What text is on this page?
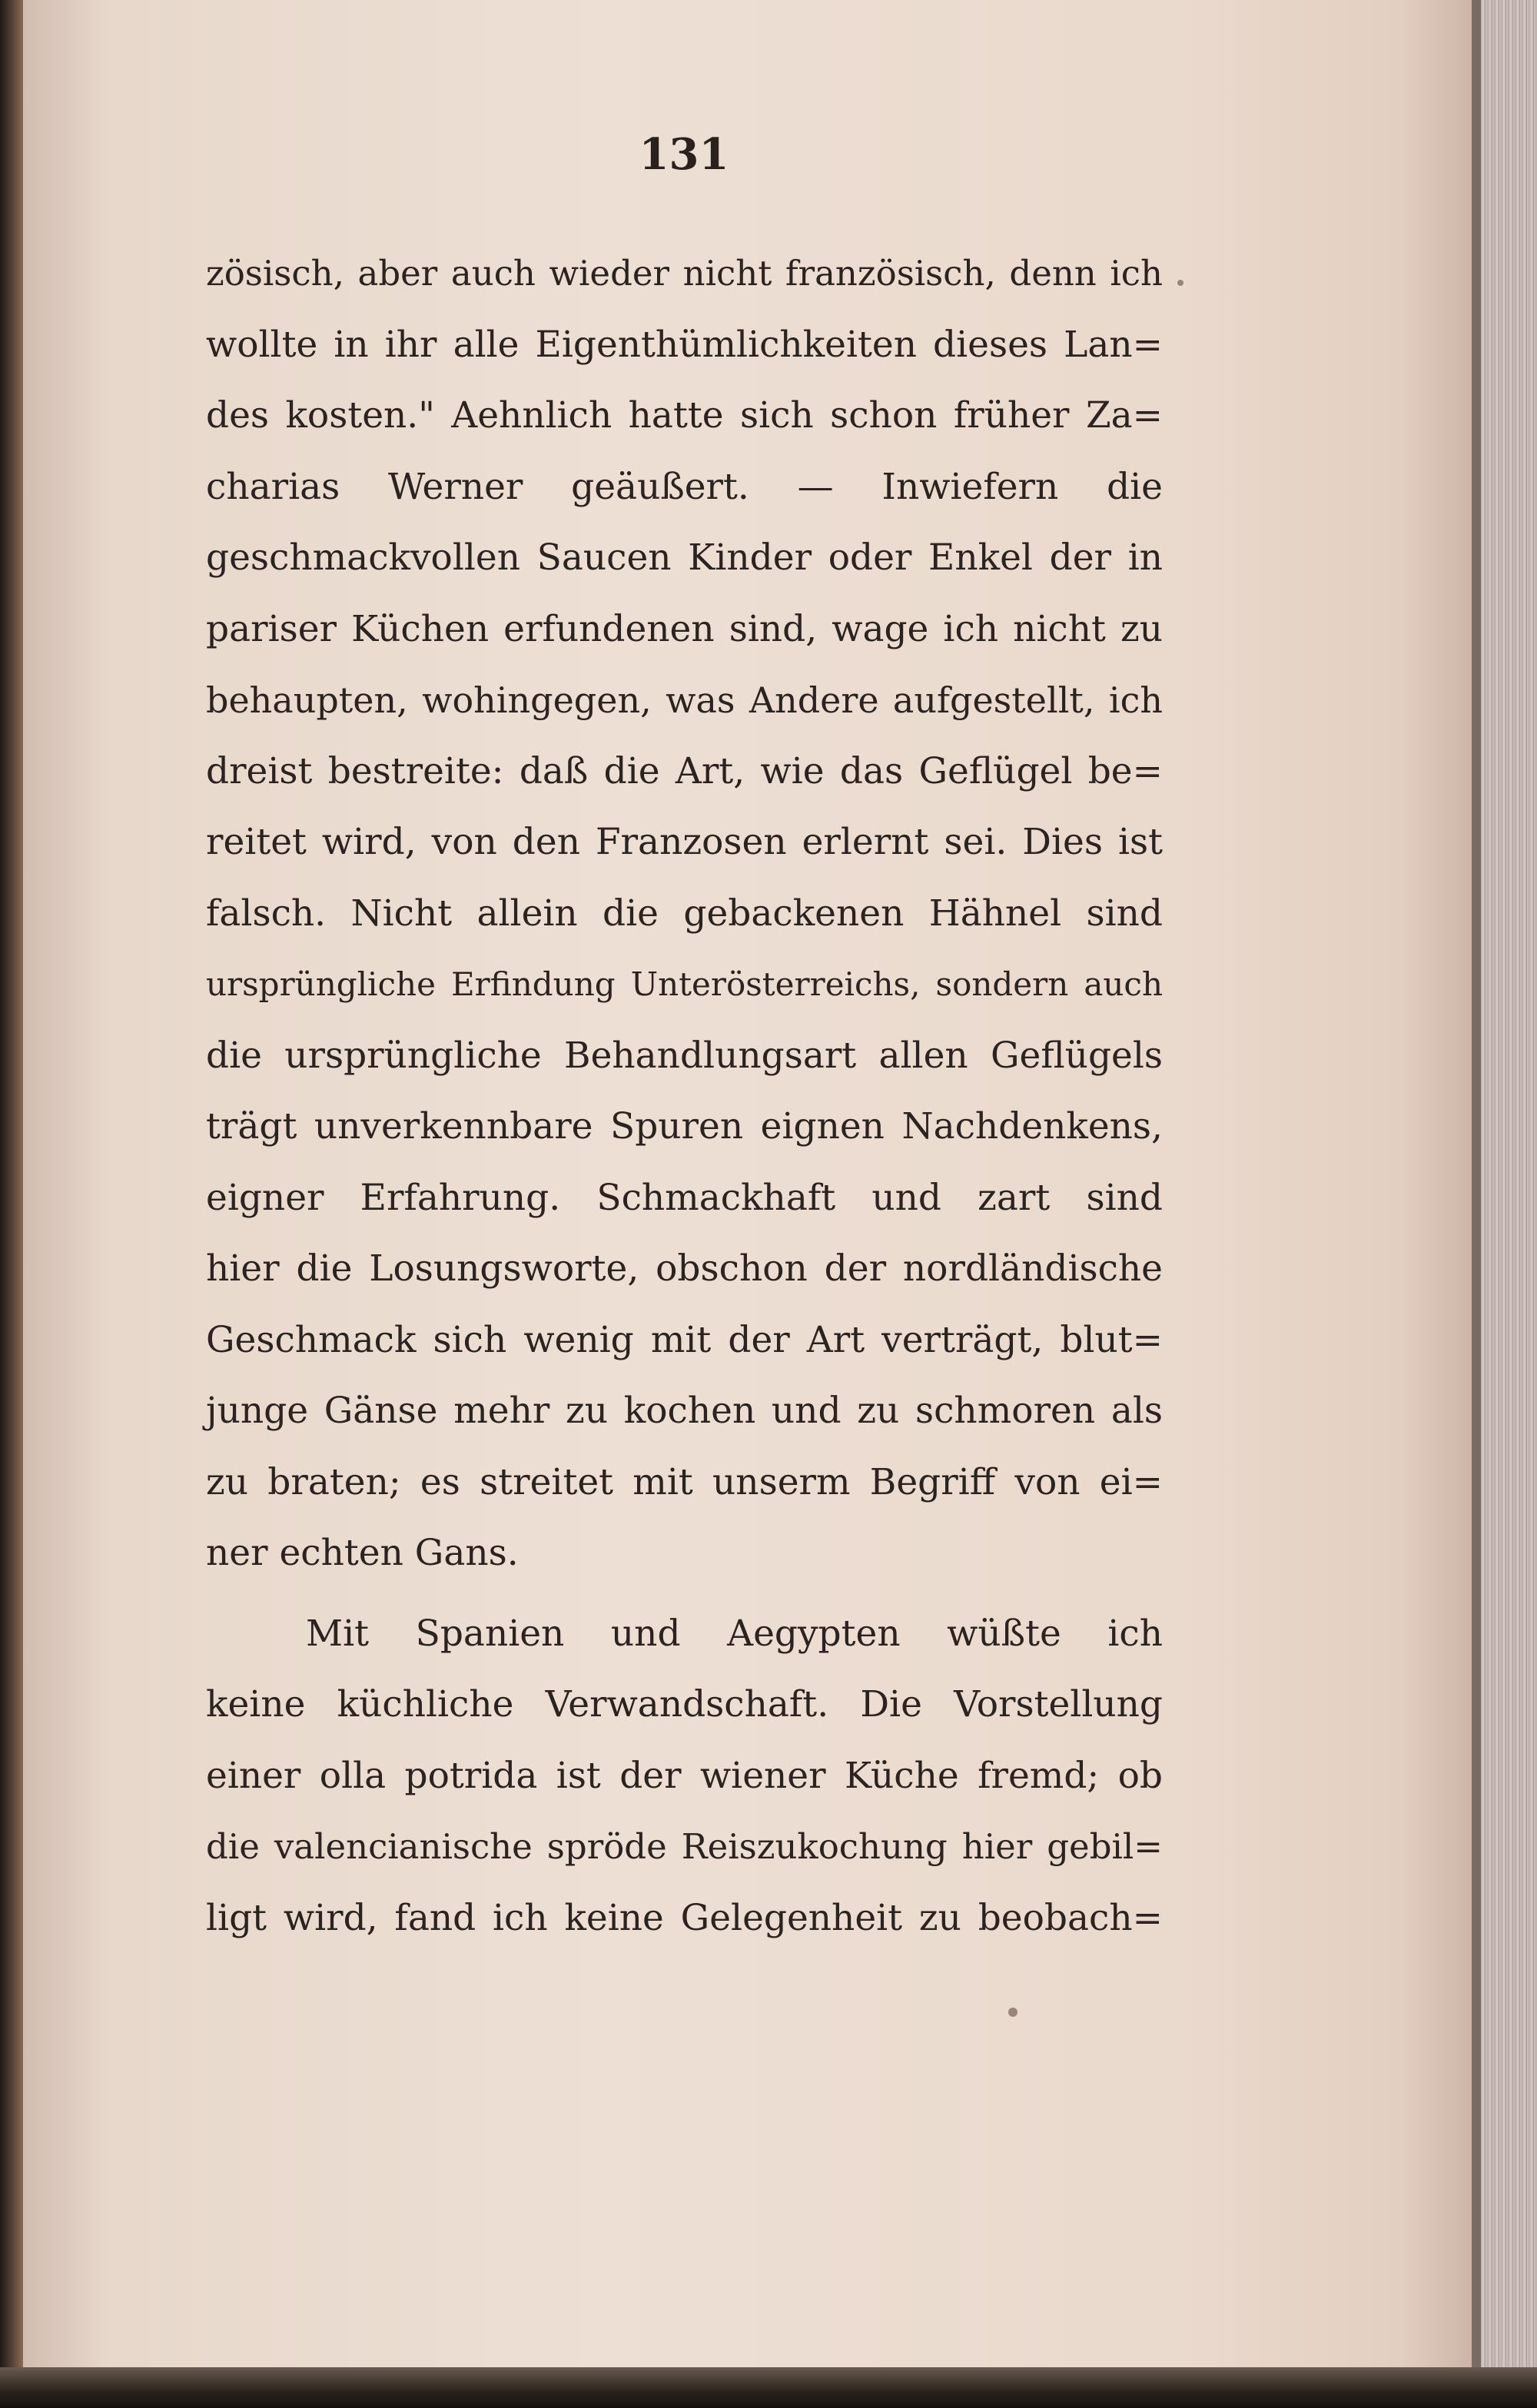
131
zösisch, aber auch wieder nicht französisch, denn ich
wollte in ihr alle Eigenthümlichkeiten dieses Lan=
des kosten." Aehnlich hatte sich schon früher Za=
charias Werner geäußert. — Inwiefern die
geschmackvollen Saucen Kinder oder Enkel der in
pariser Küchen erfundenen sind, wage ich nicht zu
behaupten, wohingegen, was Andere aufgestellt, ich
dreist bestreite: daß die Art, wie das Geflügel be=
reitet wird, von den Franzosen erlernt sei. Dies ist
falsch. Nicht allein die gebackenen Hähnel sind
ursprüngliche Erfindung Unterösterreichs, sondern auch
die ursprüngliche Behandlungsart allen Geflügels
trägt unverkennbare Spuren eignen Nachdenkens,
eigner Erfahrung. Schmackhaft und zart sind
hier die Losungsworte, obschon der nordländische
Geschmack sich wenig mit der Art verträgt, blut=
junge Gänse mehr zu kochen und zu schmoren als
zu braten; es streitet mit unserm Begriff von ei=
ner echten Gans.
Mit Spanien und Aegypten wüßte ich
keine küchliche Verwandschaft. Die Vorstellung
einer olla potrida ist der wiener Küche fremd; ob
die valencianische spröde Reiszukochung hier gebil=
ligt wird, fand ich keine Gelegenheit zu beobach=
